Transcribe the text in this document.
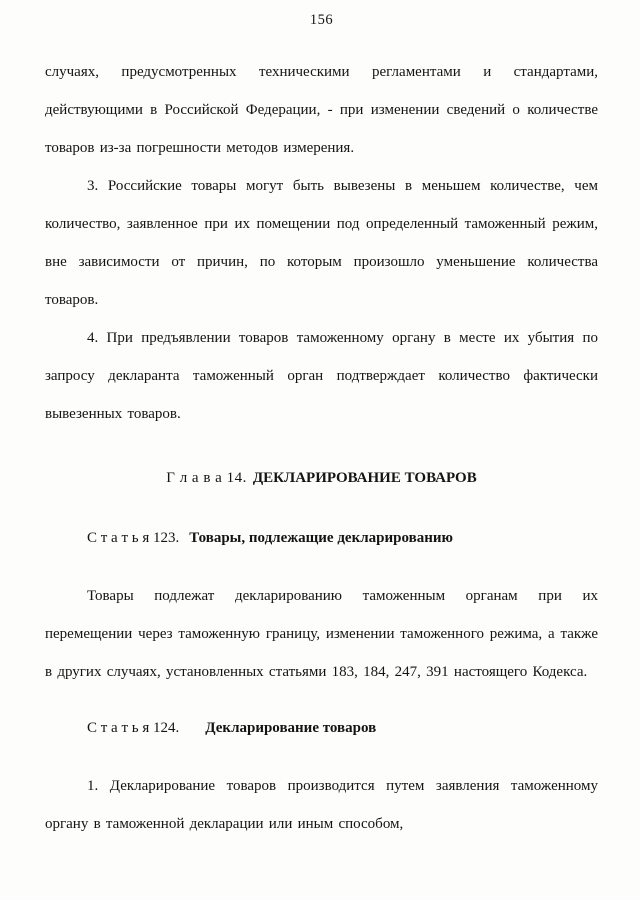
156

случаях, предусмотренных техническими регламентами и стандартами, действующими в Российской Федерации, - при изменении сведений о количестве товаров из-за погрешности методов измерения.

3. Российские товары могут быть вывезены в меньшем количестве, чем количество, заявленное при их помещении под определенный таможенный режим, вне зависимости от причин, по которым произошло уменьшение количества товаров.

4. При предъявлении товаров таможенному органу в месте их убытия по запросу декларанта таможенный орган подтверждает количество фактически вывезенных товаров.

Г л а в а 14. ДЕКЛАРИРОВАНИЕ ТОВАРОВ
С т а т ь я 123. Товары, подлежащие декларированию

Товары подлежат декларированию таможенным органам при их перемещении через таможенную границу, изменении таможенного режима, а также в других случаях, установленных статьями 183, 184, 247, 391 настоящего Кодекса.

С т а т ь я 124. Декларирование товаров

1. Декларирование товаров производится путем заявления таможенному органу в таможенной декларации или иным способом,
